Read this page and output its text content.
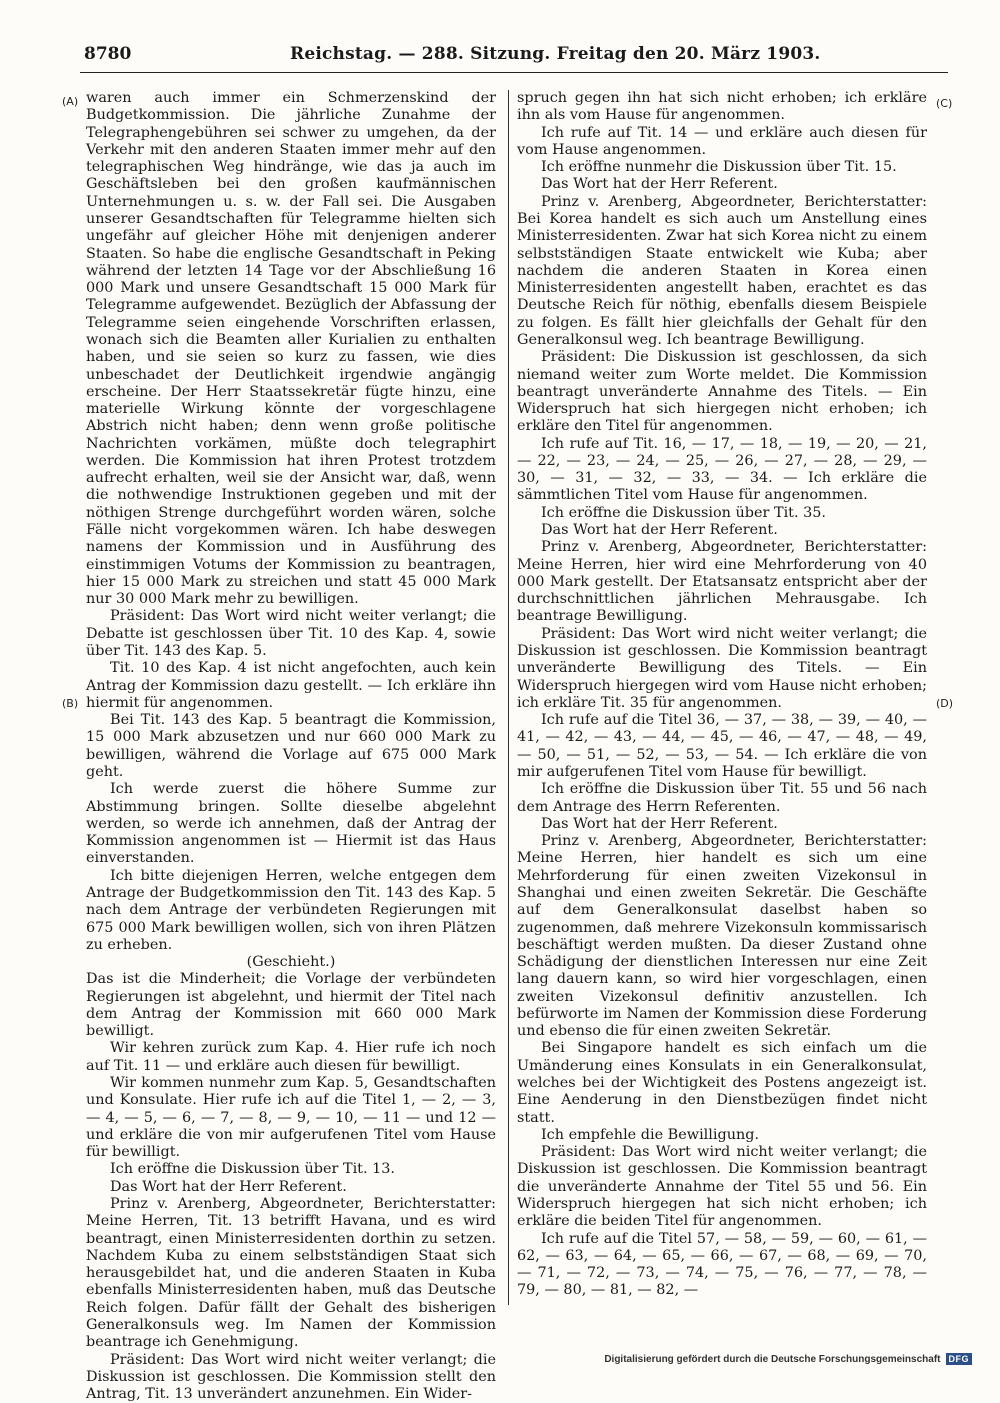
8780	Reichstag. — 288. Sitzung. Freitag den 20. März 1903.
(A)
(B)
(C)
(D)

waren auch immer ein Schmerzenskind der Budgetkommission. Die jährliche Zunahme der Telegraphengebühren sei schwer zu umgehen, da der Verkehr mit den anderen Staaten immer mehr auf den telegraphischen Weg hindränge, wie das ja auch im Geschäftsleben bei den großen kaufmännischen Unternehmungen u. s. w. der Fall sei. Die Ausgaben unserer Gesandtschaften für Telegramme hielten sich ungefähr auf gleicher Höhe mit denjenigen anderer Staaten. So habe die englische Gesandtschaft in Peking während der letzten 14 Tage vor der Abschließung 16 000 Mark und unsere Gesandtschaft 15 000 Mark für Telegramme aufgewendet. Bezüglich der Abfassung der Telegramme seien eingehende Vorschriften erlassen, wonach sich die Beamten aller Kurialien zu enthalten haben, und sie seien so kurz zu fassen, wie dies unbeschadet der Deutlichkeit irgendwie angängig erscheine. Der Herr Staatssekretär fügte hinzu, eine materielle Wirkung könnte der vorgeschlagene Abstrich nicht haben; denn wenn große politische Nachrichten vorkämen, müßte doch telegraphirt werden. Die Kommission hat ihren Protest trotzdem aufrecht erhalten, weil sie der Ansicht war, daß, wenn die nothwendige Instruktionen gegeben und mit der nöthigen Strenge durchgeführt worden wären, solche Fälle nicht vorgekommen wären. Ich habe deswegen namens der Kommission und in Ausführung des einstimmigen Votums der Kommission zu beantragen, hier 15 000 Mark zu streichen und statt 45 000 Mark nur 30 000 Mark mehr zu bewilligen.

Präsident: Das Wort wird nicht weiter verlangt; die Debatte ist geschlossen über Tit. 10 des Kap. 4, sowie über Tit. 143 des Kap. 5.

Tit. 10 des Kap. 4 ist nicht angefochten, auch kein Antrag der Kommission dazu gestellt. — Ich erkläre ihn hiermit für angenommen.

Bei Tit. 143 des Kap. 5 beantragt die Kommission, 15 000 Mark abzusetzen und nur 660 000 Mark zu bewilligen, während die Vorlage auf 675 000 Mark geht.

Ich werde zuerst die höhere Summe zur Abstimmung bringen. Sollte dieselbe abgelehnt werden, so werde ich annehmen, daß der Antrag der Kommission angenommen ist — Hiermit ist das Haus einverstanden.

Ich bitte diejenigen Herren, welche entgegen dem Antrage der Budgetkommission den Tit. 143 des Kap. 5 nach dem Antrage der verbündeten Regierungen mit 675 000 Mark bewilligen wollen, sich von ihren Plätzen zu erheben.

(Geschieht.)

Das ist die Minderheit; die Vorlage der verbündeten Regierungen ist abgelehnt, und hiermit der Titel nach dem Antrag der Kommission mit 660 000 Mark bewilligt.

Wir kehren zurück zum Kap. 4. Hier rufe ich noch auf Tit. 11 — und erkläre auch diesen für bewilligt.

Wir kommen nunmehr zum Kap. 5, Gesandtschaften und Konsulate. Hier rufe ich auf die Titel 1, — 2, — 3, — 4, — 5, — 6, — 7, — 8, — 9, — 10, — 11 — und 12 — und erkläre die von mir aufgerufenen Titel vom Hause für bewilligt.

Ich eröffne die Diskussion über Tit. 13.

Das Wort hat der Herr Referent.

Prinz v. Arenberg, Abgeordneter, Berichterstatter: Meine Herren, Tit. 13 betrifft Havana, und es wird beantragt, einen Ministerresidenten dorthin zu setzen. Nachdem Kuba zu einem selbstständigen Staat sich herausgebildet hat, und die anderen Staaten in Kuba ebenfalls Ministerresidenten haben, muß das Deutsche Reich folgen. Dafür fällt der Gehalt des bisherigen Generalkonsuls weg. Im Namen der Kommission beantrage ich Genehmigung.

Präsident: Das Wort wird nicht weiter verlangt; die Diskussion ist geschlossen. Die Kommission stellt den Antrag, Tit. 13 unverändert anzunehmen. Ein Wider-

spruch gegen ihn hat sich nicht erhoben; ich erkläre ihn als vom Hause für angenommen.

Ich rufe auf Tit. 14 — und erkläre auch diesen für vom Hause angenommen.

Ich eröffne nunmehr die Diskussion über Tit. 15.

Das Wort hat der Herr Referent.

Prinz v. Arenberg, Abgeordneter, Berichterstatter: Bei Korea handelt es sich auch um Anstellung eines Ministerresidenten. Zwar hat sich Korea nicht zu einem selbstständigen Staate entwickelt wie Kuba; aber nachdem die anderen Staaten in Korea einen Ministerresidenten angestellt haben, erachtet es das Deutsche Reich für nöthig, ebenfalls diesem Beispiele zu folgen. Es fällt hier gleichfalls der Gehalt für den Generalkonsul weg. Ich beantrage Bewilligung.

Präsident: Die Diskussion ist geschlossen, da sich niemand weiter zum Worte meldet. Die Kommission beantragt unveränderte Annahme des Titels. — Ein Widerspruch hat sich hiergegen nicht erhoben; ich erkläre den Titel für angenommen.

Ich rufe auf Tit. 16, — 17, — 18, — 19, — 20, — 21, — 22, — 23, — 24, — 25, — 26, — 27, — 28, — 29, — 30, — 31, — 32, — 33, — 34. — Ich erkläre die sämmtlichen Titel vom Hause für angenommen.

Ich eröffne die Diskussion über Tit. 35.

Das Wort hat der Herr Referent.

Prinz v. Arenberg, Abgeordneter, Berichterstatter: Meine Herren, hier wird eine Mehrforderung von 40 000 Mark gestellt. Der Etatsansatz entspricht aber der durchschnittlichen jährlichen Mehrausgabe. Ich beantrage Bewilligung.

Präsident: Das Wort wird nicht weiter verlangt; die Diskussion ist geschlossen. Die Kommission beantragt unveränderte Bewilligung des Titels. — Ein Widerspruch hiergegen wird vom Hause nicht erhoben; ich erkläre Tit. 35 für angenommen.

Ich rufe auf die Titel 36, — 37, — 38, — 39, — 40, — 41, — 42, — 43, — 44, — 45, — 46, — 47, — 48, — 49, — 50, — 51, — 52, — 53, — 54. — Ich erkläre die von mir aufgerufenen Titel vom Hause für bewilligt.

Ich eröffne die Diskussion über Tit. 55 und 56 nach dem Antrage des Herrn Referenten.

Das Wort hat der Herr Referent.

Prinz v. Arenberg, Abgeordneter, Berichterstatter: Meine Herren, hier handelt es sich um eine Mehrforderung für einen zweiten Vizekonsul in Shanghai und einen zweiten Sekretär. Die Geschäfte auf dem Generalkonsulat daselbst haben so zugenommen, daß mehrere Vizekonsuln kommissarisch beschäftigt werden mußten. Da dieser Zustand ohne Schädigung der dienstlichen Interessen nur eine Zeit lang dauern kann, so wird hier vorgeschlagen, einen zweiten Vizekonsul definitiv anzustellen. Ich befürworte im Namen der Kommission diese Forderung und ebenso die für einen zweiten Sekretär.

Bei Singapore handelt es sich einfach um die Umänderung eines Konsulats in ein Generalkonsulat, welches bei der Wichtigkeit des Postens angezeigt ist. Eine Aenderung in den Dienstbezügen findet nicht statt.

Ich empfehle die Bewilligung.

Präsident: Das Wort wird nicht weiter verlangt; die Diskussion ist geschlossen. Die Kommission beantragt die unveränderte Annahme der Titel 55 und 56. Ein Widerspruch hiergegen hat sich nicht erhoben; ich erkläre die beiden Titel für angenommen.

Ich rufe auf die Titel 57, — 58, — 59, — 60, — 61, — 62, — 63, — 64, — 65, — 66, — 67, — 68, — 69, — 70, — 71, — 72, — 73, — 74, — 75, — 76, — 77, — 78, — 79, — 80, — 81, — 82, —

Digitalisierung gefördert durch die Deutsche Forschungsgemeinschaft DFG
